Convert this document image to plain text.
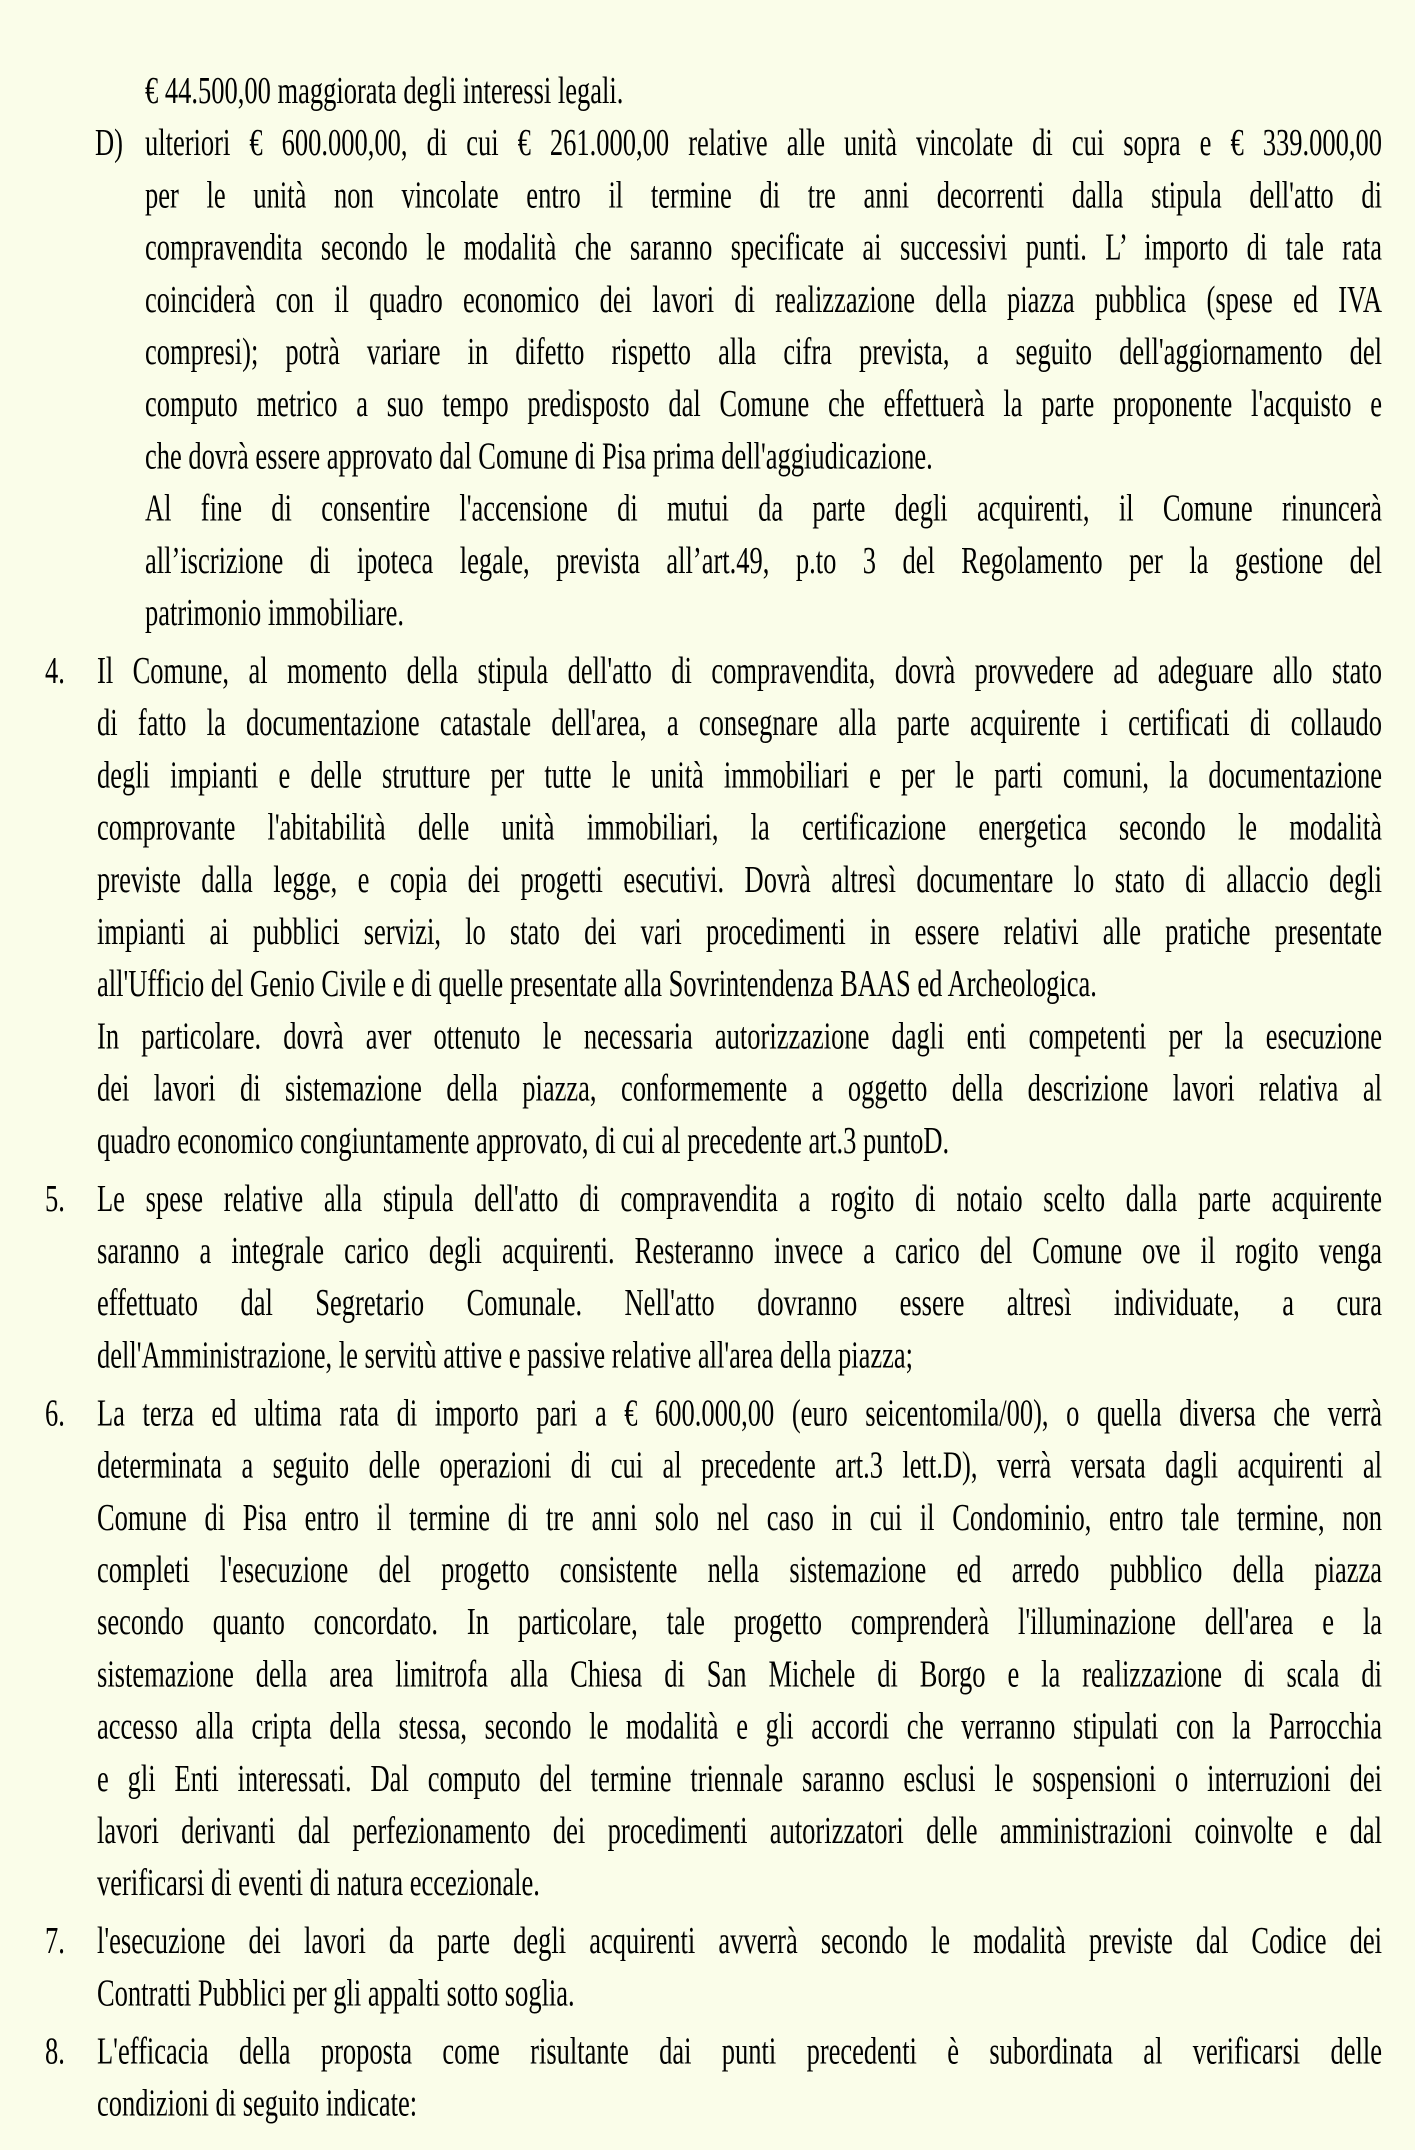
€ 44.500,00 maggiorata degli interessi legali.
D) ulteriori € 600.000,00, di cui € 261.000,00 relative alle unità vincolate di cui sopra e € 339.000,00
per le unità non vincolate entro il termine di tre anni decorrenti dalla stipula dell'atto di
compravendita secondo le modalità che saranno specificate ai successivi punti. L’ importo di tale rata
coinciderà con il quadro economico dei lavori di realizzazione della piazza pubblica (spese ed IVA
compresi); potrà variare in difetto rispetto alla cifra prevista, a seguito dell'aggiornamento del
computo metrico a suo tempo predisposto dal Comune che effettuerà la parte proponente l'acquisto e
che dovrà essere approvato dal Comune di Pisa prima dell'aggiudicazione.
Al fine di consentire l'accensione di mutui da parte degli acquirenti, il Comune rinuncerà
all’iscrizione di ipoteca legale, prevista all’art.49, p.to 3 del Regolamento per la gestione del
patrimonio immobiliare.
4. Il Comune, al momento della stipula dell'atto di compravendita, dovrà provvedere ad adeguare allo stato
di fatto la documentazione catastale dell'area, a consegnare alla parte acquirente i certificati di collaudo
degli impianti e delle strutture per tutte le unità immobiliari e per le parti comuni, la documentazione
comprovante l'abitabilità delle unità immobiliari, la certificazione energetica secondo le modalità
previste dalla legge, e copia dei progetti esecutivi. Dovrà altresì documentare lo stato di allaccio degli
impianti ai pubblici servizi, lo stato dei vari procedimenti in essere relativi alle pratiche presentate
all'Ufficio del Genio Civile e di quelle presentate alla Sovrintendenza BAAS ed Archeologica.
In particolare. dovrà aver ottenuto le necessaria autorizzazione dagli enti competenti per la esecuzione
dei lavori di sistemazione della piazza, conformemente a oggetto della descrizione lavori relativa al
quadro economico congiuntamente approvato, di cui al precedente art.3 puntoD.
5. Le spese relative alla stipula dell'atto di compravendita a rogito di notaio scelto dalla parte acquirente
saranno a integrale carico degli acquirenti. Resteranno invece a carico del Comune ove il rogito venga
effettuato dal Segretario Comunale. Nell'atto dovranno essere altresì individuate, a cura
dell'Amministrazione, le servitù attive e passive relative all'area della piazza;
6. La terza ed ultima rata di importo pari a € 600.000,00 (euro seicentomila/00), o quella diversa che verrà
determinata a seguito delle operazioni di cui al precedente art.3 lett.D), verrà versata dagli acquirenti al
Comune di Pisa entro il termine di tre anni solo nel caso in cui il Condominio, entro tale termine, non
completi l'esecuzione del progetto consistente nella sistemazione ed arredo pubblico della piazza
secondo quanto concordato. In particolare, tale progetto comprenderà l'illuminazione dell'area e la
sistemazione della area limitrofa alla Chiesa di San Michele di Borgo e la realizzazione di scala di
accesso alla cripta della stessa, secondo le modalità e gli accordi che verranno stipulati con la Parrocchia
e gli Enti interessati. Dal computo del termine triennale saranno esclusi le sospensioni o interruzioni dei
lavori derivanti dal perfezionamento dei procedimenti autorizzatori delle amministrazioni coinvolte e dal
verificarsi di eventi di natura eccezionale.
7. l'esecuzione dei lavori da parte degli acquirenti avverrà secondo le modalità previste dal Codice dei
Contratti Pubblici per gli appalti sotto soglia.
8. L'efficacia della proposta come risultante dai punti precedenti è subordinata al verificarsi delle
condizioni di seguito indicate:
